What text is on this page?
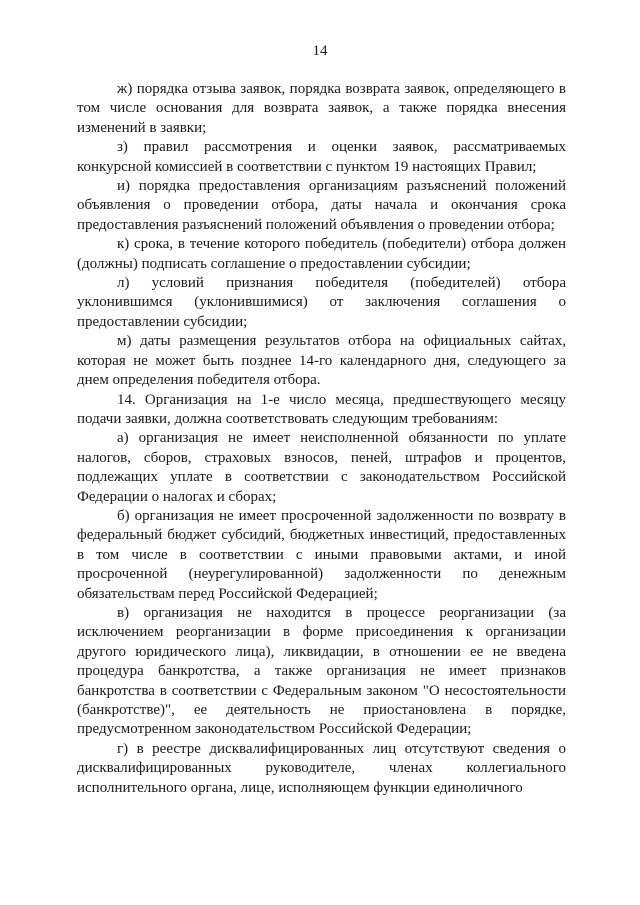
14

ж) порядка отзыва заявок, порядка возврата заявок, определяющего в том числе основания для возврата заявок, а также порядка внесения изменений в заявки;

з) правил рассмотрения и оценки заявок, рассматриваемых конкурсной комиссией в соответствии с пунктом 19 настоящих Правил;

и) порядка предоставления организациям разъяснений положений объявления о проведении отбора, даты начала и окончания срока предоставления разъяснений положений объявления о проведении отбора;

к) срока, в течение которого победитель (победители) отбора должен (должны) подписать соглашение о предоставлении субсидии;

л) условий признания победителя (победителей) отбора уклонившимся (уклонившимися) от заключения соглашения о предоставлении субсидии;

м) даты размещения результатов отбора на официальных сайтах, которая не может быть позднее 14-го календарного дня, следующего за днем определения победителя отбора.

14. Организация на 1-е число месяца, предшествующего месяцу подачи заявки, должна соответствовать следующим требованиям:

а) организация не имеет неисполненной обязанности по уплате налогов, сборов, страховых взносов, пеней, штрафов и процентов, подлежащих уплате в соответствии с законодательством Российской Федерации о налогах и сборах;

б) организация не имеет просроченной задолженности по возврату в федеральный бюджет субсидий, бюджетных инвестиций, предоставленных в том числе в соответствии с иными правовыми актами, и иной просроченной (неурегулированной) задолженности по денежным обязательствам перед Российской Федерацией;

в) организация не находится в процессе реорганизации (за исключением реорганизации в форме присоединения к организации другого юридического лица), ликвидации, в отношении ее не введена процедура банкротства, а также организация не имеет признаков банкротства в соответствии с Федеральным законом "О несостоятельности (банкротстве)", ее деятельность не приостановлена в порядке, предусмотренном законодательством Российской Федерации;

г) в реестре дисквалифицированных лиц отсутствуют сведения о дисквалифицированных руководителе, членах коллегиального исполнительного органа, лице, исполняющем функции единоличного
